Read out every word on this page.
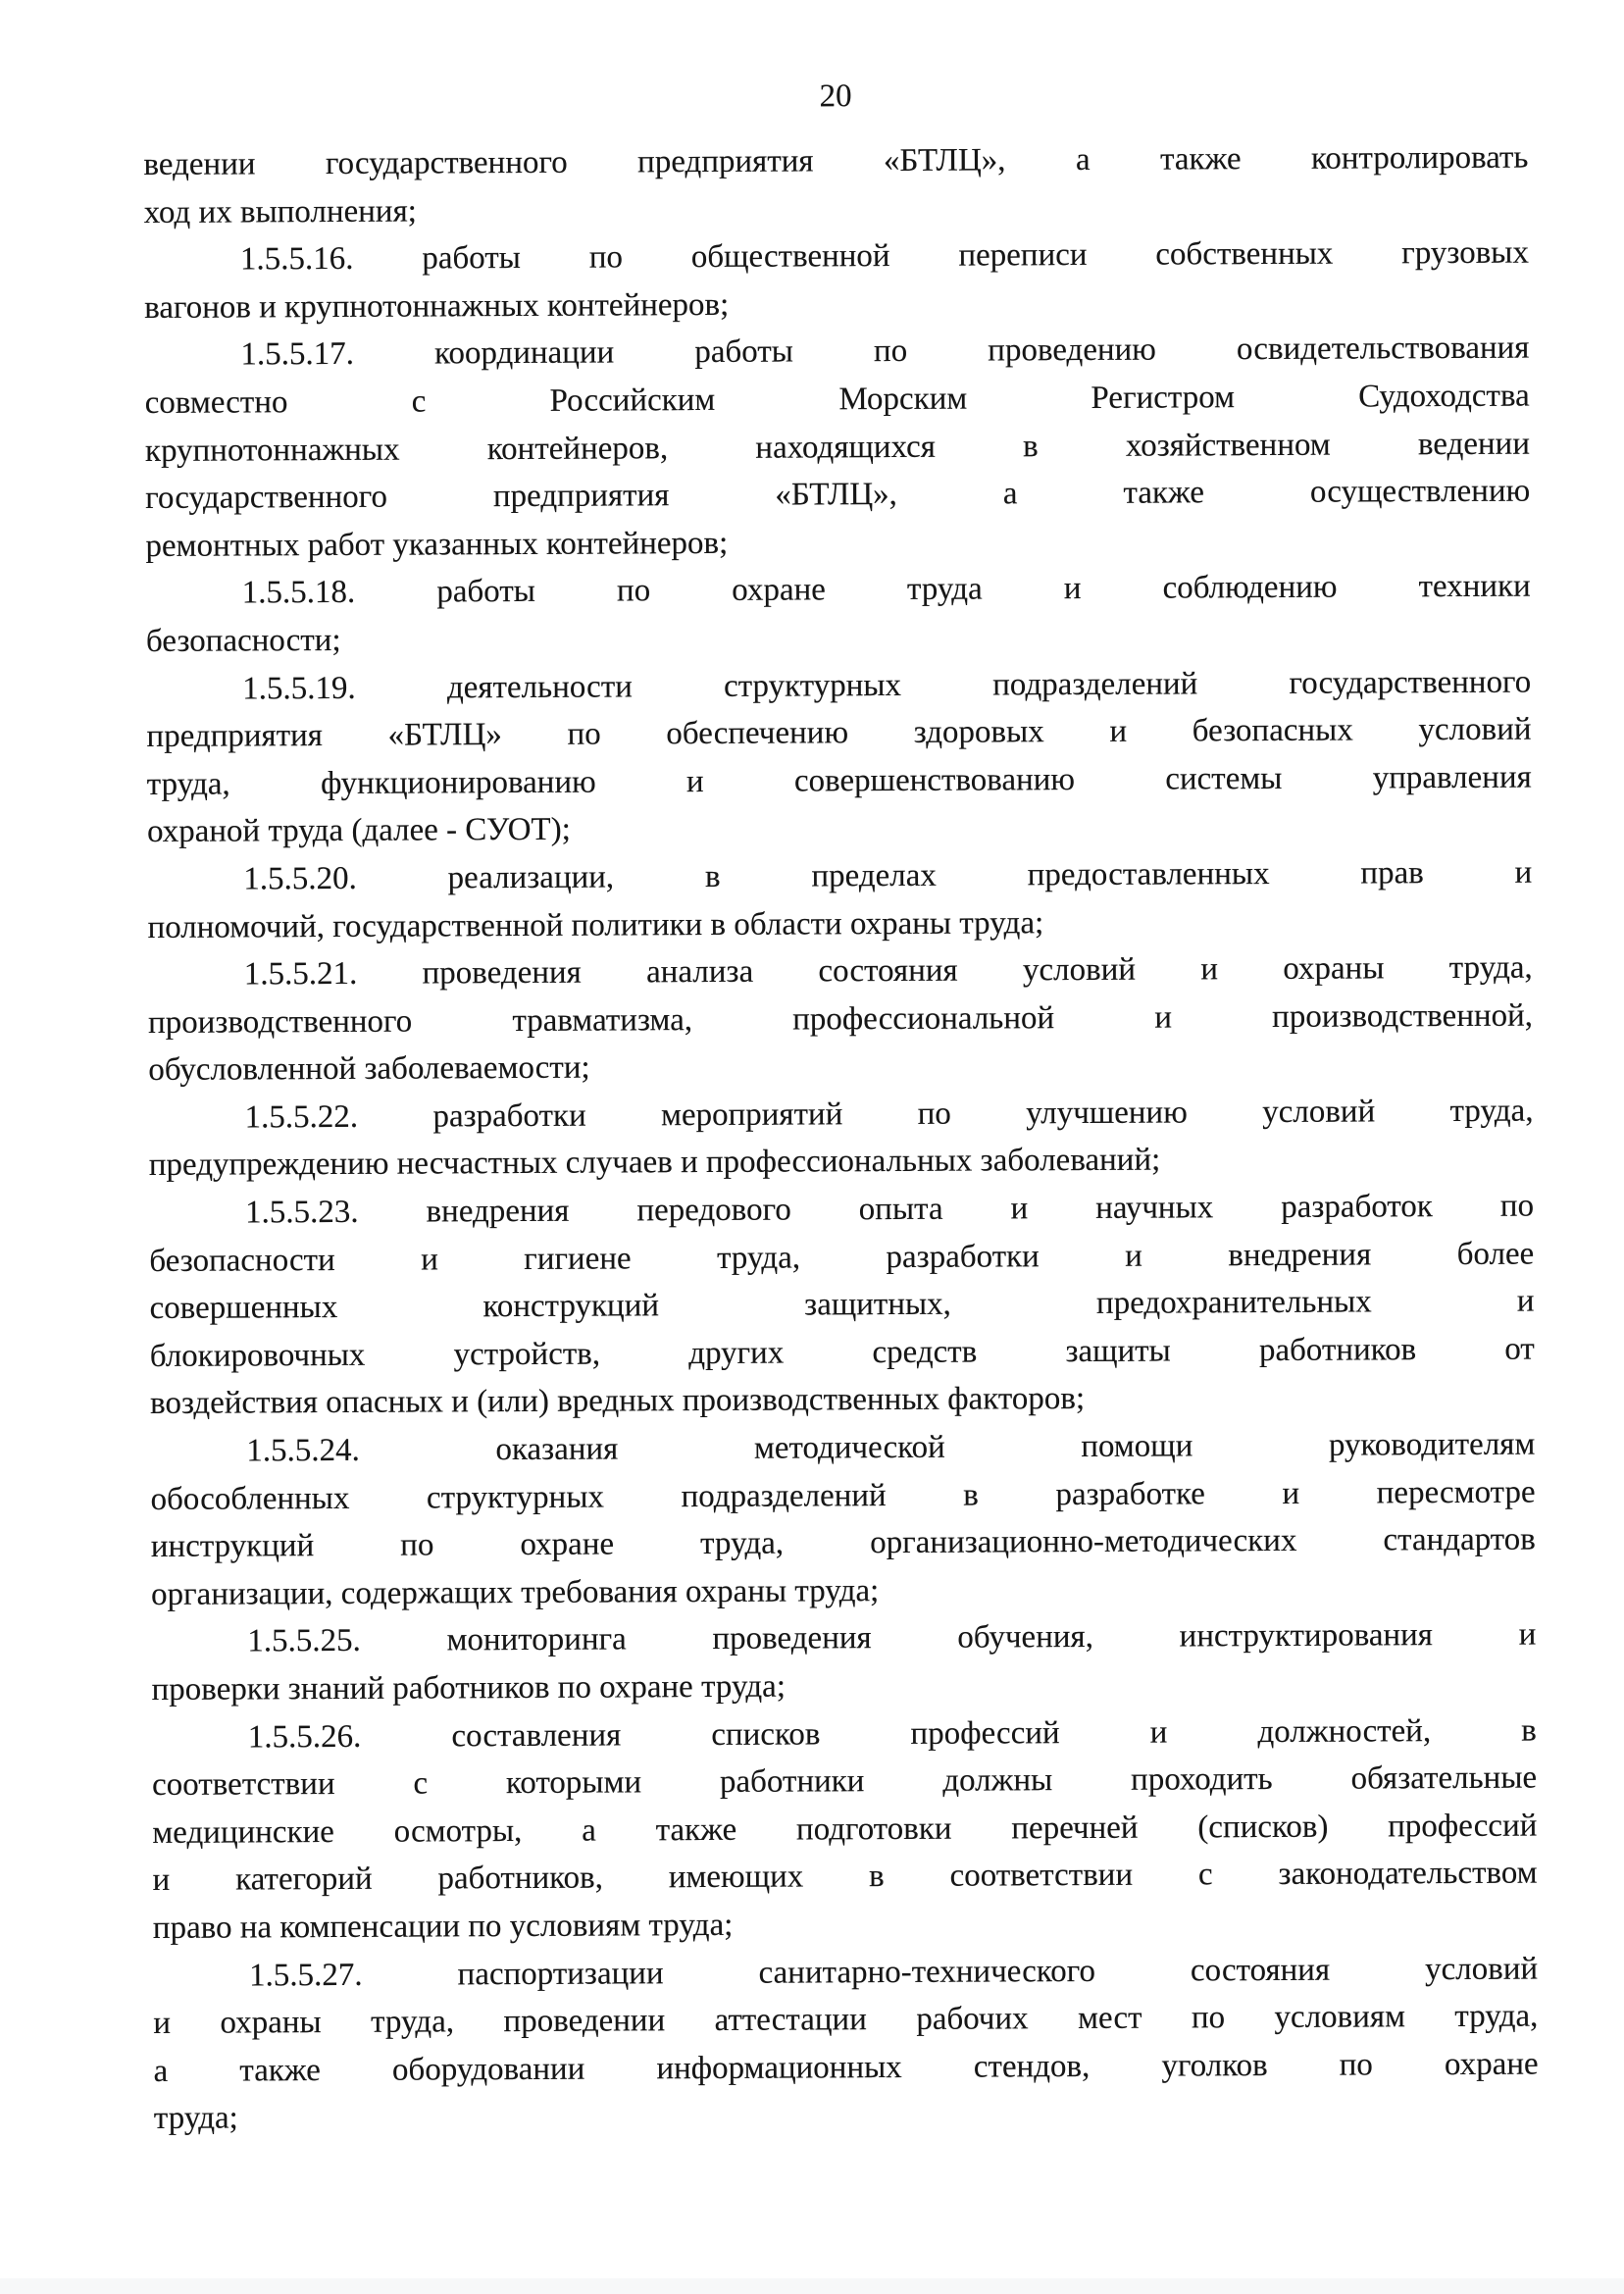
20
ведении государственного предприятия «БТЛЦ», а также контролировать
ход их выполнения;
1.5.5.16. работы по общественной переписи собственных грузовых
вагонов и крупнотоннажных контейнеров;
1.5.5.17. координации работы по проведению освидетельствования
совместно с Российским Морским Регистром Судоходства
крупнотоннажных контейнеров, находящихся в хозяйственном ведении
государственного предприятия «БТЛЦ», а также осуществлению
ремонтных работ указанных контейнеров;
1.5.5.18. работы по охране труда и соблюдению техники
безопасности;
1.5.5.19. деятельности структурных подразделений государственного
предприятия «БТЛЦ» по обеспечению здоровых и безопасных условий
труда, функционированию и совершенствованию системы управления
охраной труда (далее - СУОТ);
1.5.5.20. реализации, в пределах предоставленных прав и
полномочий, государственной политики в области охраны труда;
1.5.5.21. проведения анализа состояния условий и охраны труда,
производственного травматизма, профессиональной и производственной,
обусловленной заболеваемости;
1.5.5.22. разработки мероприятий по улучшению условий труда,
предупреждению несчастных случаев и профессиональных заболеваний;
1.5.5.23. внедрения передового опыта и научных разработок по
безопасности и гигиене труда, разработки и внедрения более
совершенных конструкций защитных, предохранительных и
блокировочных устройств, других средств защиты работников от
воздействия опасных и (или) вредных производственных факторов;
1.5.5.24. оказания методической помощи руководителям
обособленных структурных подразделений в разработке и пересмотре
инструкций по охране труда, организационно-методических стандартов
организации, содержащих требования охраны труда;
1.5.5.25. мониторинга проведения обучения, инструктирования и
проверки знаний работников по охране труда;
1.5.5.26. составления списков профессий и должностей, в
соответствии с которыми работники должны проходить обязательные
медицинские осмотры, а также подготовки перечней (списков) профессий
и категорий работников, имеющих в соответствии с законодательством
право на компенсации по условиям труда;
1.5.5.27. паспортизации санитарно-технического состояния условий
и охраны труда, проведении аттестации рабочих мест по условиям труда,
а также оборудовании информационных стендов, уголков по охране
труда;
